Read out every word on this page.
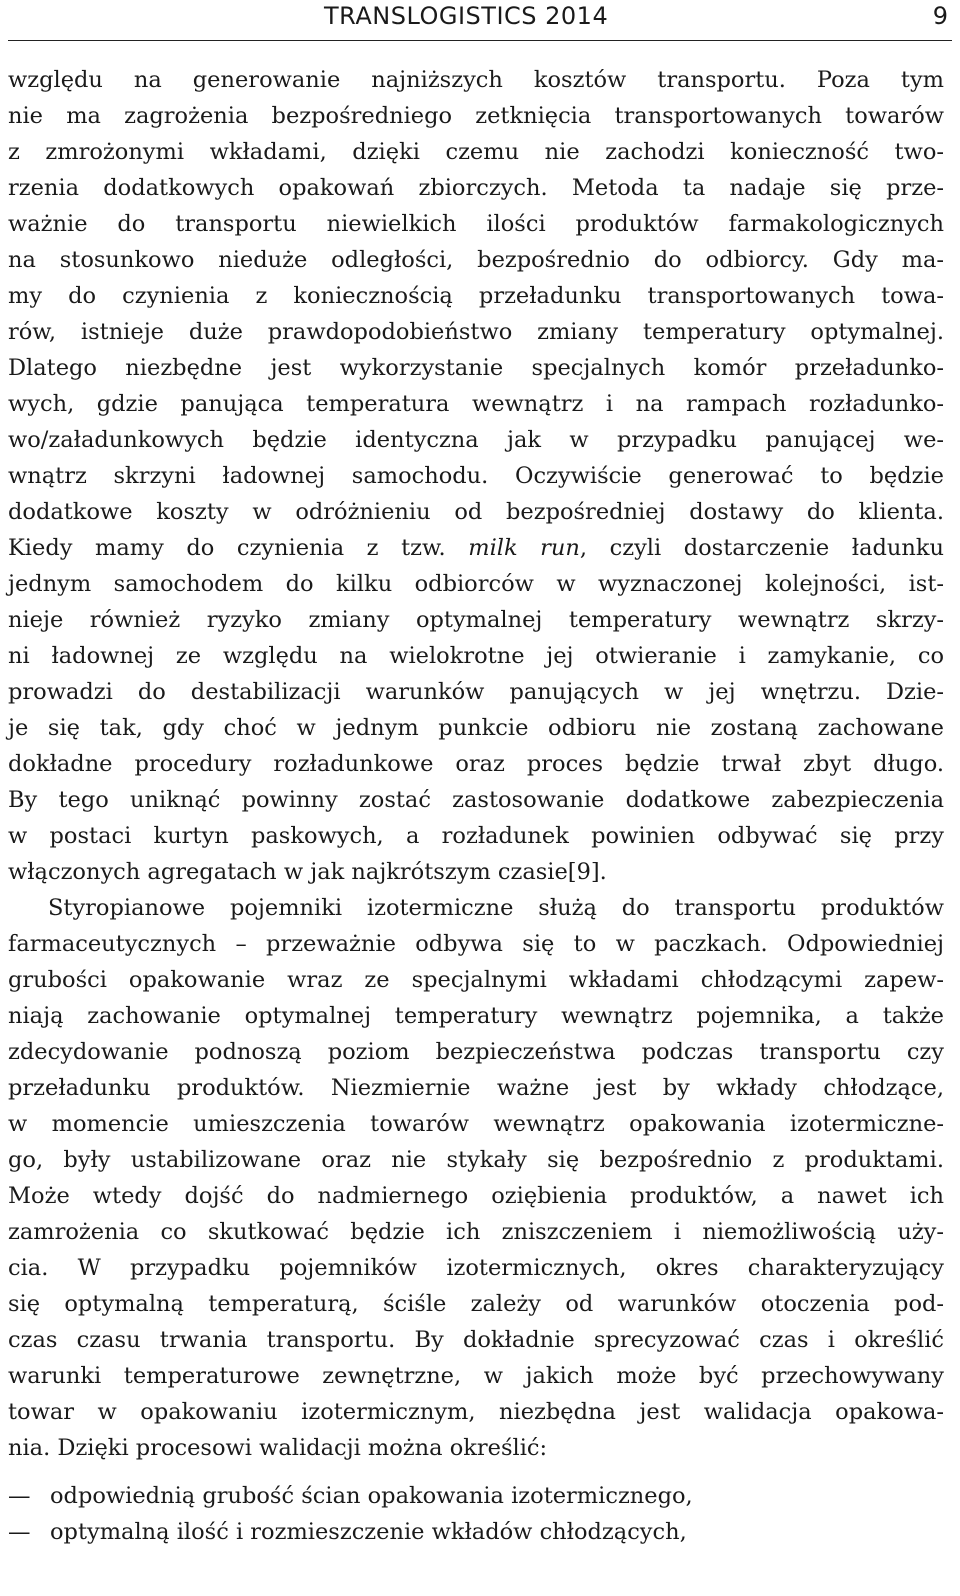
TRANSLOGISTICS 2014	9
względu na generowanie najniższych kosztów transportu. Poza tym
nie ma zagrożenia bezpośredniego zetknięcia transportowanych towarów
z zmrożonymi wkładami, dzięki czemu nie zachodzi konieczność two-
rzenia dodatkowych opakowań zbiorczych. Metoda ta nadaje się prze-
ważnie do transportu niewielkich ilości produktów farmakologicznych
na stosunkowo nieduże odległości, bezpośrednio do odbiorcy. Gdy ma-
my do czynienia z koniecznością przeładunku transportowanych towa-
rów, istnieje duże prawdopodobieństwo zmiany temperatury optymalnej.
Dlatego niezbędne jest wykorzystanie specjalnych komór przeładunko-
wych, gdzie panująca temperatura wewnątrz i na rampach rozładunko-
wo/załadunkowych będzie identyczna jak w przypadku panującej we-
wnątrz skrzyni ładownej samochodu. Oczywiście generować to będzie
dodatkowe koszty w odróżnieniu od bezpośredniej dostawy do klienta.
Kiedy mamy do czynienia z tzw. milk run, czyli dostarczenie ładunku
jednym samochodem do kilku odbiorców w wyznaczonej kolejności, ist-
nieje również ryzyko zmiany optymalnej temperatury wewnątrz skrzy-
ni ładownej ze względu na wielokrotne jej otwieranie i zamykanie, co
prowadzi do destabilizacji warunków panujących w jej wnętrzu. Dzie-
je się tak, gdy choć w jednym punkcie odbioru nie zostaną zachowane
dokładne procedury rozładunkowe oraz proces będzie trwał zbyt długo.
By tego uniknąć powinny zostać zastosowanie dodatkowe zabezpieczenia
w postaci kurtyn paskowych, a rozładunek powinien odbywać się przy
włączonych agregatach w jak najkrótszym czasie[9].
Styropianowe pojemniki izotermiczne służą do transportu produktów
farmaceutycznych – przeważnie odbywa się to w paczkach. Odpowiedniej
grubości opakowanie wraz ze specjalnymi wkładami chłodzącymi zapew-
niają zachowanie optymalnej temperatury wewnątrz pojemnika, a także
zdecydowanie podnoszą poziom bezpieczeństwa podczas transportu czy
przeładunku produktów. Niezmiernie ważne jest by wkłady chłodzące,
w momencie umieszczenia towarów wewnątrz opakowania izotermiczne-
go, były ustabilizowane oraz nie stykały się bezpośrednio z produktami.
Może wtedy dojść do nadmiernego oziębienia produktów, a nawet ich
zamrożenia co skutkować będzie ich zniszczeniem i niemożliwością uży-
cia. W przypadku pojemników izotermicznych, okres charakteryzujący
się optymalną temperaturą, ściśle zależy od warunków otoczenia pod-
czas czasu trwania transportu. By dokładnie sprecyzować czas i określić
warunki temperaturowe zewnętrzne, w jakich może być przechowywany
towar w opakowaniu izotermicznym, niezbędna jest walidacja opakowa-
nia. Dzięki procesowi walidacji można określić:
— odpowiednią grubość ścian opakowania izotermicznego,
— optymalną ilość i rozmieszczenie wkładów chłodzących,
